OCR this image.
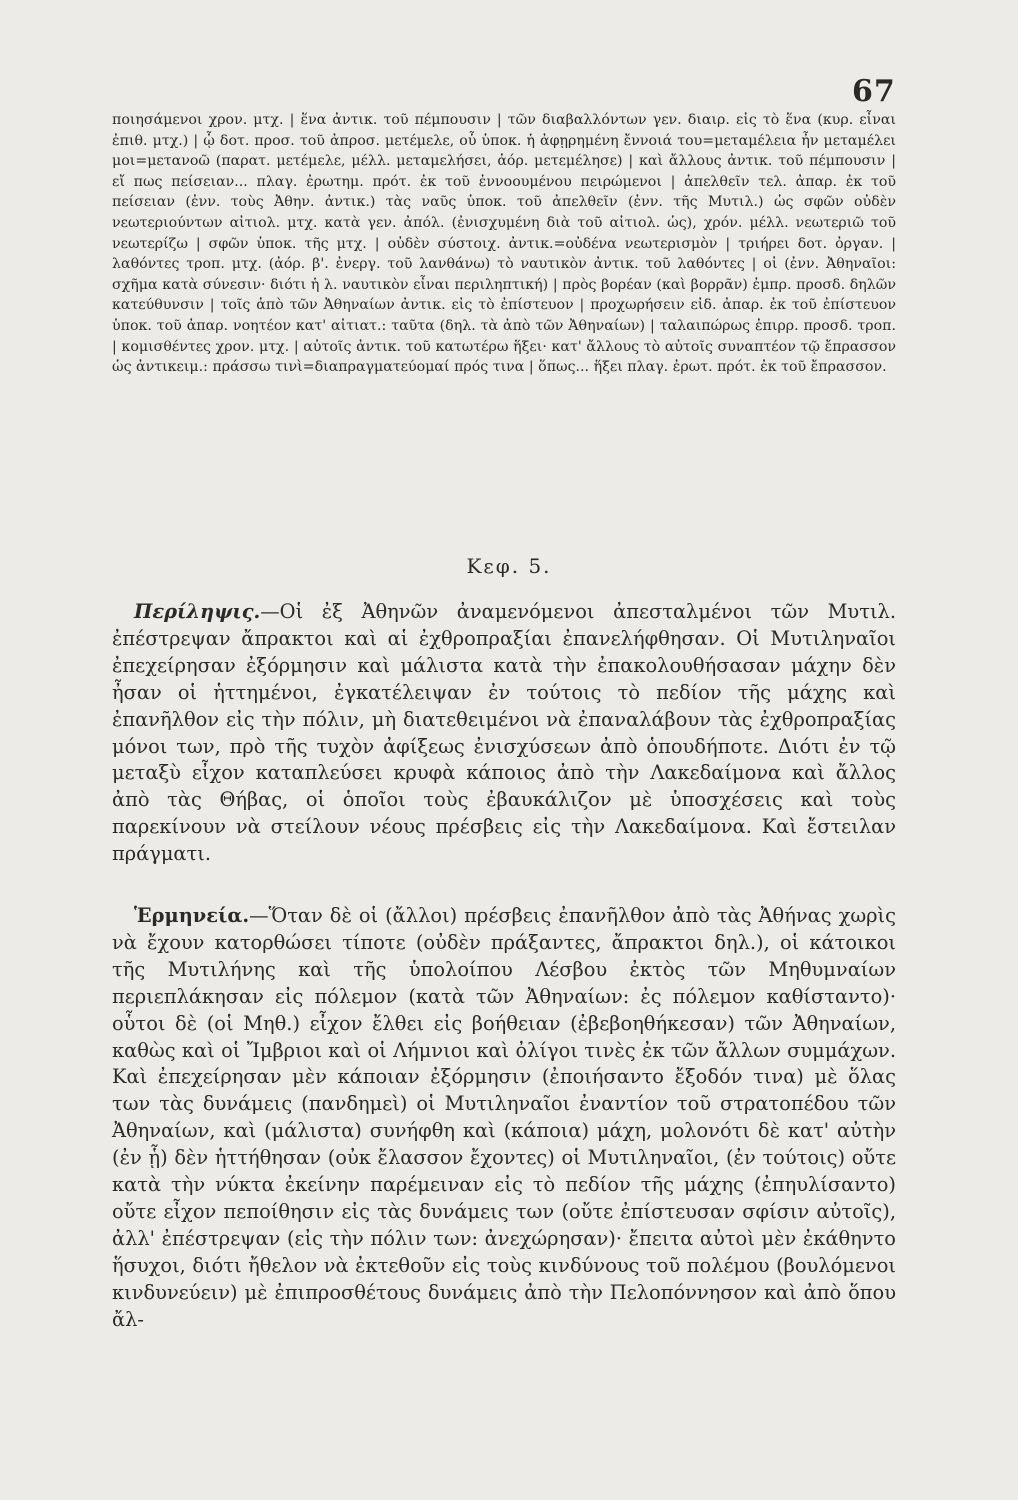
67

ποιησάμενοι χρον. μτχ. | ἕνα ἀντικ. τοῦ πέμπουσιν | τῶν διαβαλλόντων γεν. διαιρ. εἰς τὸ ἕνα (κυρ. εἶναι ἐπιθ. μτχ.) | ᾧ δοτ. προσ. τοῦ ἀπροσ. μετέμελε, οὗ ὑποκ. ἡ ἀφῃρημένη ἔννοιά του=μεταμέλεια ἦν μεταμέλει μοι=μετανοῶ (παρατ. μετέμελε, μέλλ. μεταμελήσει, ἀόρ. μετεμέλησε) | καὶ ἄλλους ἀντικ. τοῦ πέμπουσιν | εἴ πως πείσειαν... πλαγ. ἐρωτημ. πρότ. ἐκ τοῦ ἐννοουμένου πειρώμενοι | ἀπελθεῖν τελ. ἀπαρ. ἐκ τοῦ πείσειαν (ἐνν. τοὺς Ἀθην. ἀντικ.) τὰς ναῦς ὑποκ. τοῦ ἀπελθεῖν (ἐνν. τῆς Μυτιλ.) ὡς σφῶν οὐδὲν νεωτεριούντων αἰτιολ. μτχ. κατὰ γεν. ἀπόλ. (ἐνισχυμένη διὰ τοῦ αἰτιολ. ὡς), χρόν. μέλλ. νεωτεριῶ τοῦ νεωτερίζω | σφῶν ὑποκ. τῆς μτχ. | οὐδὲν σύστοιχ. ἀντικ.=οὐδένα νεωτερισμὸν | τριήρει δοτ. ὀργαν. | λαθόντες τροπ. μτχ. (ἀόρ. β'. ἐνεργ. τοῦ λανθάνω) τὸ ναυτικὸν ἀντικ. τοῦ λαθόντες | οἱ (ἐνν. Ἀθηναῖοι: σχῆμα κατὰ σύνεσιν· διότι ἡ λ. ναυτικὸν εἶναι περιληπτική) | πρὸς βορέαν (καὶ βορρᾶν) ἐμπρ. προσδ. δηλῶν κατεύθυνσιν | τοῖς ἀπὸ τῶν Ἀθηναίων ἀντικ. εἰς τὸ ἐπίστευον | προχωρήσειν εἰδ. ἀπαρ. ἐκ τοῦ ἐπίστευον ὑποκ. τοῦ ἀπαρ. νοητέον κατ' αἰτιατ.: ταῦτα (δηλ. τὰ ἀπὸ τῶν Ἀθηναίων) | ταλαιπώρως ἐπιρρ. προσδ. τροπ. | κομισθέντες χρον. μτχ. | αὐτοῖς ἀντικ. τοῦ κατωτέρω ἥξει· κατ' ἄλλους τὸ αὐτοῖς συναπτέον τῷ ἔπρασσον ὡς ἀντικειμ.: πράσσω τινὶ=διαπραγματεύομαί πρός τινα | ὅπως... ἥξει πλαγ. ἐρωτ. πρότ. ἐκ τοῦ ἔπρασσον.

Κεφ. 5.

Περίληψις.—Οἱ ἐξ Ἀθηνῶν ἀναμενόμενοι ἀπεσταλμένοι τῶν Μυτιλ. ἐπέστρεψαν ἄπρακτοι καὶ αἱ ἐχθροπραξίαι ἐπανελήφθησαν. Οἱ Μυτιληναῖοι ἐπεχείρησαν ἐξόρμησιν καὶ μάλιστα κατὰ τὴν ἐπακολουθήσασαν μάχην δὲν ἦσαν οἱ ἡττημένοι, ἐγκατέλειψαν ἐν τούτοις τὸ πεδίον τῆς μάχης καὶ ἐπανῆλθον εἰς τὴν πόλιν, μὴ διατεθειμένοι νὰ ἐπαναλάβουν τὰς ἐχθροπραξίας μόνοι των, πρὸ τῆς τυχὸν ἀφίξεως ἐνισχύσεων ἀπὸ ὁπουδήποτε. Διότι ἐν τῷ μεταξὺ εἶχον καταπλεύσει κρυφὰ κάποιος ἀπὸ τὴν Λακεδαίμονα καὶ ἄλλος ἀπὸ τὰς Θήβας, οἱ ὁποῖοι τοὺς ἐβαυκάλιζον μὲ ὑποσχέσεις καὶ τοὺς παρεκίνουν νὰ στείλουν νέους πρέσβεις εἰς τὴν Λακεδαίμονα. Καὶ ἔστειλαν πράγματι.

Ἑρμηνεία.—Ὅταν δὲ οἱ (ἄλλοι) πρέσβεις ἐπανῆλθον ἀπὸ τὰς Ἀθήνας χωρὶς νὰ ἔχουν κατορθώσει τίποτε (οὐδὲν πράξαντες, ἄπρακτοι δηλ.), οἱ κάτοικοι τῆς Μυτιλήνης καὶ τῆς ὑπολοίπου Λέσβου ἐκτὸς τῶν Μηθυμναίων περιεπλάκησαν εἰς πόλεμον (κατὰ τῶν Ἀθηναίων: ἐς πόλεμον καθίσταντο)· οὗτοι δὲ (οἱ Μηθ.) εἶχον ἔλθει εἰς βοήθειαν (ἐβεβοηθήκεσαν) τῶν Ἀθηναίων, καθὼς καὶ οἱ Ἴμβριοι καὶ οἱ Λήμνιοι καὶ ὀλίγοι τινὲς ἐκ τῶν ἄλλων συμμάχων. Καὶ ἐπεχείρησαν μὲν κάποιαν ἐξόρμησιν (ἐποιήσαντο ἔξοδόν τινα) μὲ ὅλας των τὰς δυνάμεις (πανδημεὶ) οἱ Μυτιληναῖοι ἐναντίον τοῦ στρατοπέδου τῶν Ἀθηναίων, καὶ (μάλιστα) συνήφθη καὶ (κάποια) μάχη, μολονότι δὲ κατ' αὐτὴν (ἐν ᾗ) δὲν ἡττήθησαν (οὐκ ἔλασσον ἔχοντες) οἱ Μυτιληναῖοι, (ἐν τούτοις) οὔτε κατὰ τὴν νύκτα ἐκείνην παρέμειναν εἰς τὸ πεδίον τῆς μάχης (ἐπηυλίσαντο) οὔτε εἶχον πεποίθησιν εἰς τὰς δυνάμεις των (οὔτε ἐπίστευσαν σφίσιν αὐτοῖς), ἀλλ' ἐπέστρεψαν (εἰς τὴν πόλιν των: ἀνεχώρησαν)· ἔπειτα αὐτοὶ μὲν ἐκάθηντο ἥσυχοι, διότι ἤθελον νὰ ἐκτεθοῦν εἰς τοὺς κινδύνους τοῦ πολέμου (βουλόμενοι κινδυνεύειν) μὲ ἐπιπροσθέτους δυνάμεις ἀπὸ τὴν Πελοπόννησον καὶ ἀπὸ ὅπου ἄλ-
